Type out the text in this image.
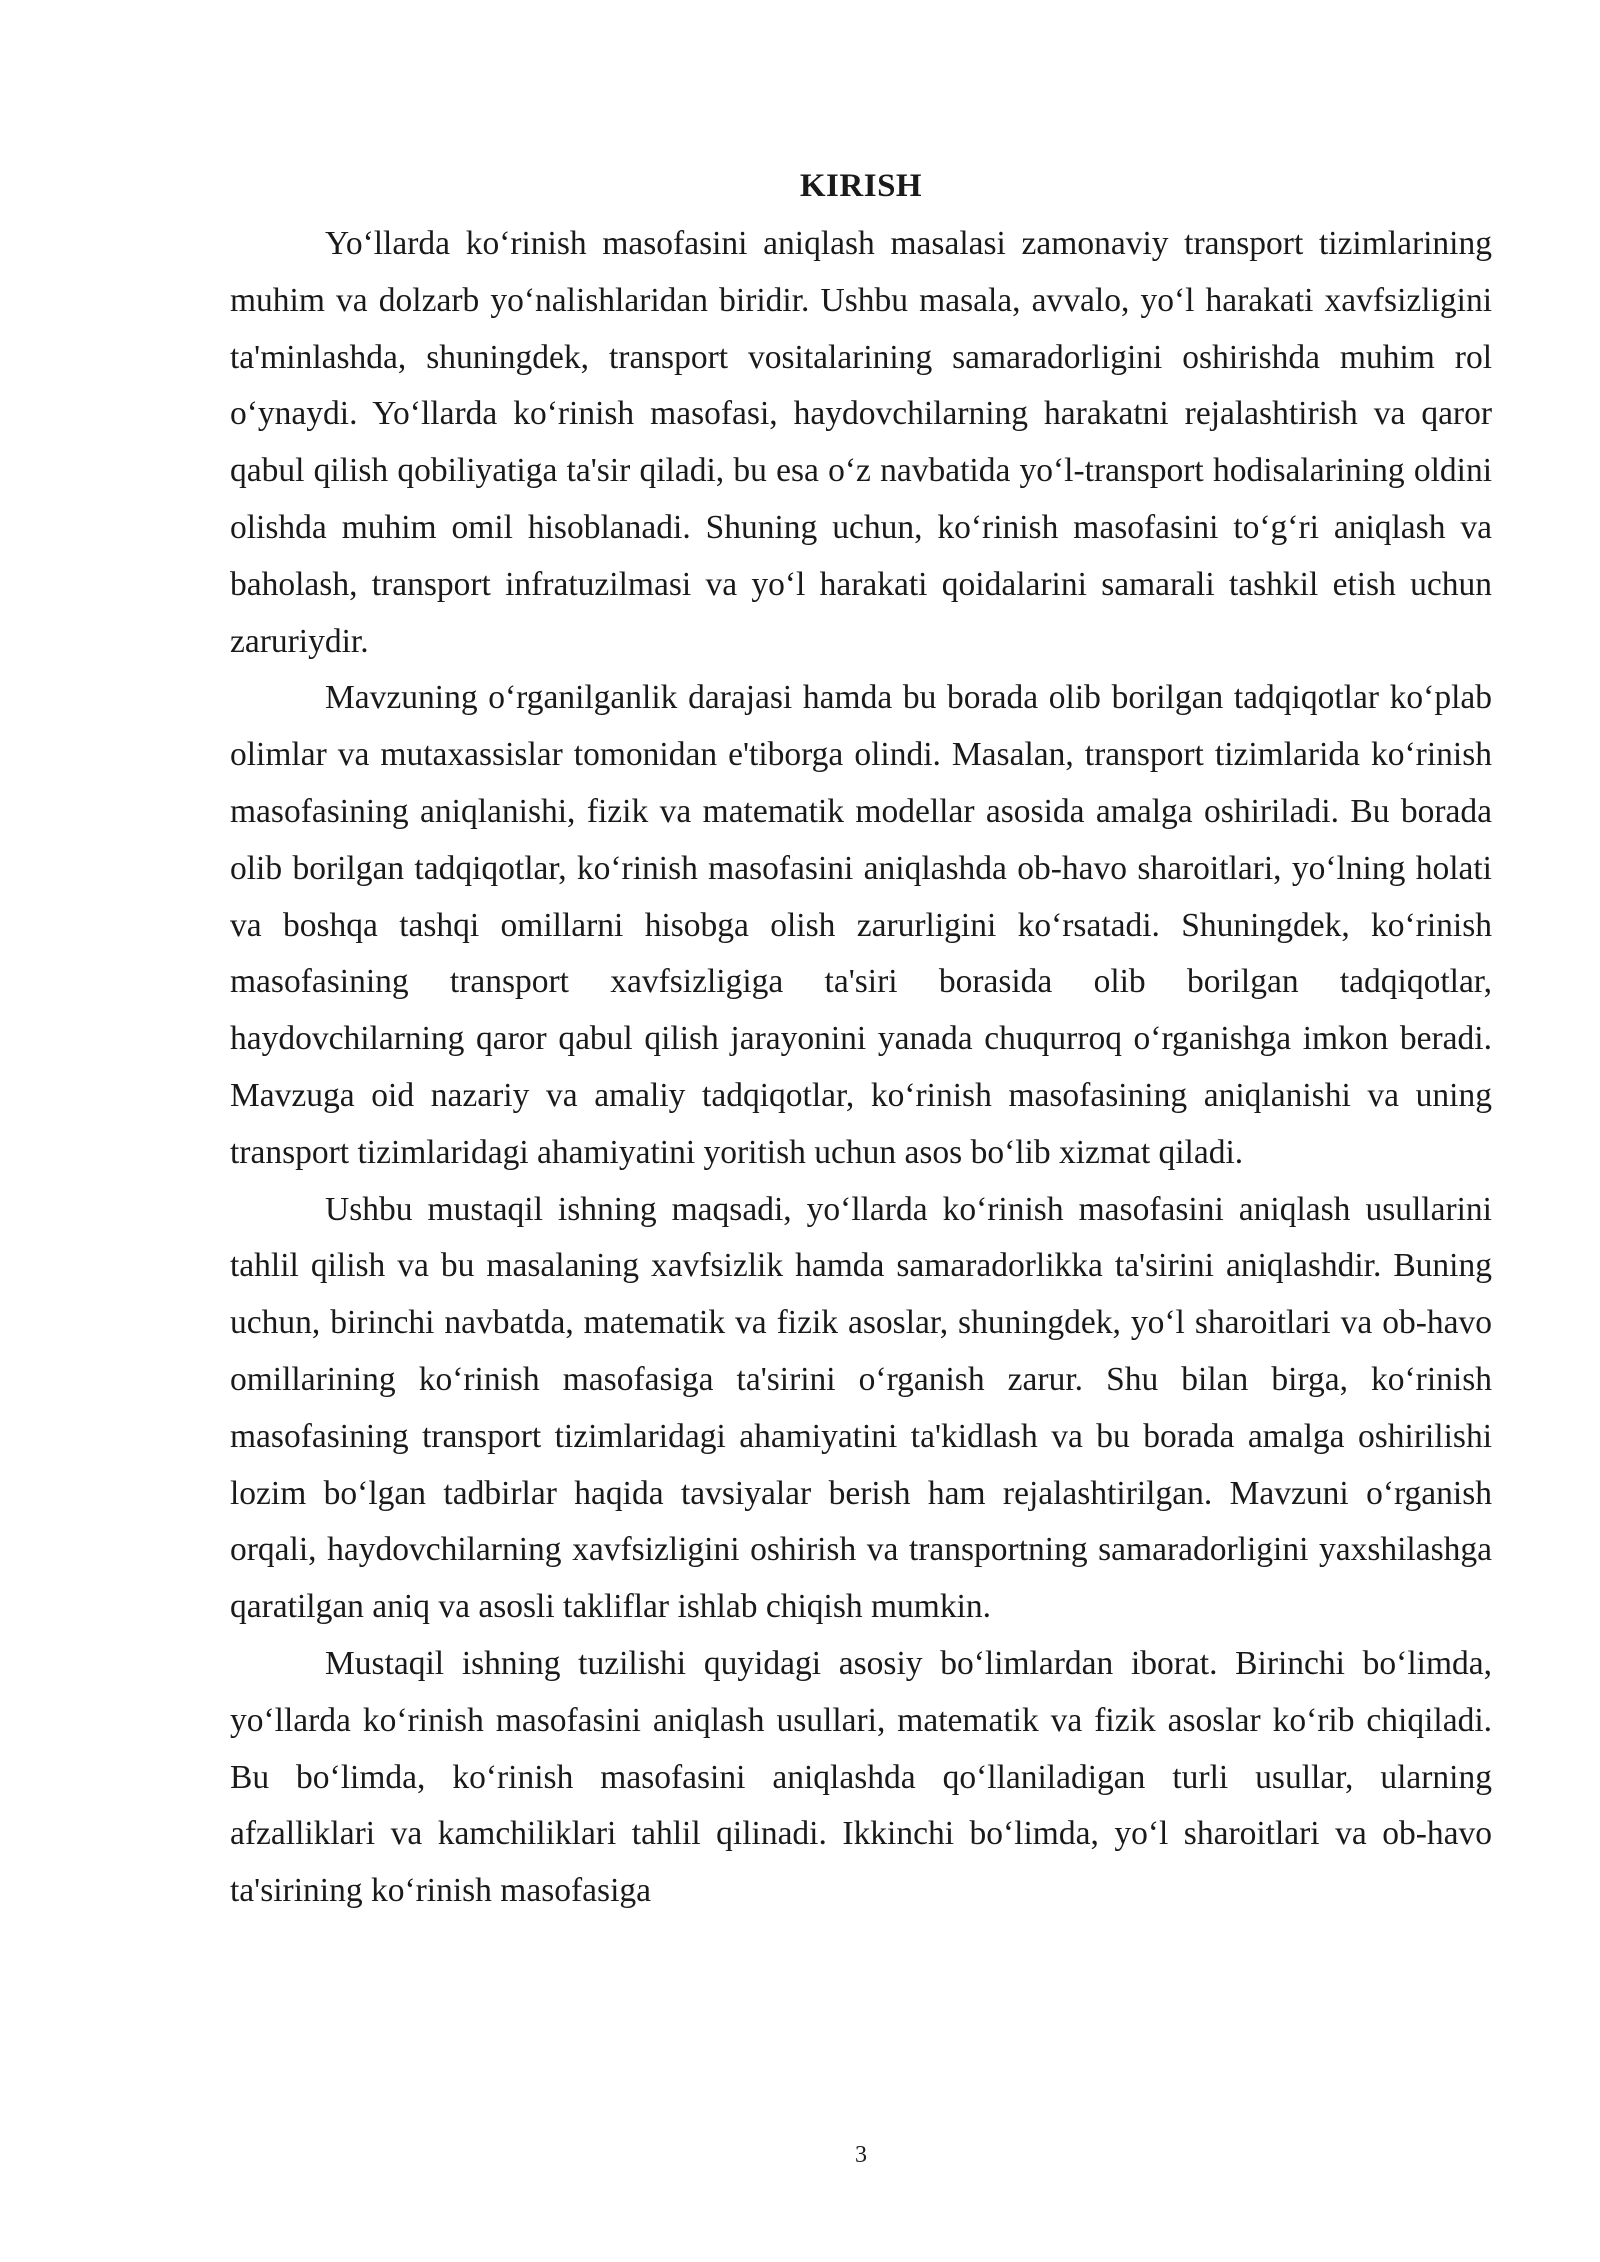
KIRISH

Yo‘llarda ko‘rinish masofasini aniqlash masalasi zamonaviy transport tizimlarining muhim va dolzarb yo‘nalishlaridan biridir. Ushbu masala, avvalo, yo‘l harakati xavfsizligini ta'minlashda, shuningdek, transport vositalarining samaradorligini oshirishda muhim rol o‘ynaydi. Yo‘llarda ko‘rinish masofasi, haydovchilarning harakatni rejalashtirish va qaror qabul qilish qobiliyatiga ta'sir qiladi, bu esa o‘z navbatida yo‘l-transport hodisalarining oldini olishda muhim omil hisoblanadi. Shuning uchun, ko‘rinish masofasini to‘g‘ri aniqlash va baholash, transport infratuzilmasi va yo‘l harakati qoidalarini samarali tashkil etish uchun zaruriydir.

Mavzuning o‘rganilganlik darajasi hamda bu borada olib borilgan tadqiqotlar ko‘plab olimlar va mutaxassislar tomonidan e'tiborga olindi. Masalan, transport tizimlarida ko‘rinish masofasining aniqlanishi, fizik va matematik modellar asosida amalga oshiriladi. Bu borada olib borilgan tadqiqotlar, ko‘rinish masofasini aniqlashda ob-havo sharoitlari, yo‘lning holati va boshqa tashqi omillarni hisobga olish zarurligini ko‘rsatadi. Shuningdek, ko‘rinish masofasining transport xavfsizligiga ta'siri borasida olib borilgan tadqiqotlar, haydovchilarning qaror qabul qilish jarayonini yanada chuqurroq o‘rganishga imkon beradi. Mavzuga oid nazariy va amaliy tadqiqotlar, ko‘rinish masofasining aniqlanishi va uning transport tizimlaridagi ahamiyatini yoritish uchun asos bo‘lib xizmat qiladi.

Ushbu mustaqil ishning maqsadi, yo‘llarda ko‘rinish masofasini aniqlash usullarini tahlil qilish va bu masalaning xavfsizlik hamda samaradorlikka ta'sirini aniqlashdir. Buning uchun, birinchi navbatda, matematik va fizik asoslar, shuningdek, yo‘l sharoitlari va ob-havo omillarining ko‘rinish masofasiga ta'sirini o‘rganish zarur. Shu bilan birga, ko‘rinish masofasining transport tizimlaridagi ahamiyatini ta'kidlash va bu borada amalga oshirilishi lozim bo‘lgan tadbirlar haqida tavsiyalar berish ham rejalashtirilgan. Mavzuni o‘rganish orqali, haydovchilarning xavfsizligini oshirish va transportning samaradorligini yaxshilashga qaratilgan aniq va asosli takliflar ishlab chiqish mumkin.

Mustaqil ishning tuzilishi quyidagi asosiy bo‘limlardan iborat. Birinchi bo‘limda, yo‘llarda ko‘rinish masofasini aniqlash usullari, matematik va fizik asoslar ko‘rib chiqiladi. Bu bo‘limda, ko‘rinish masofasini aniqlashda qo‘llaniladigan turli usullar, ularning afzalliklari va kamchiliklari tahlil qilinadi. Ikkinchi bo‘limda, yo‘l sharoitlari va ob-havo ta'sirining ko‘rinish masofasiga

3
